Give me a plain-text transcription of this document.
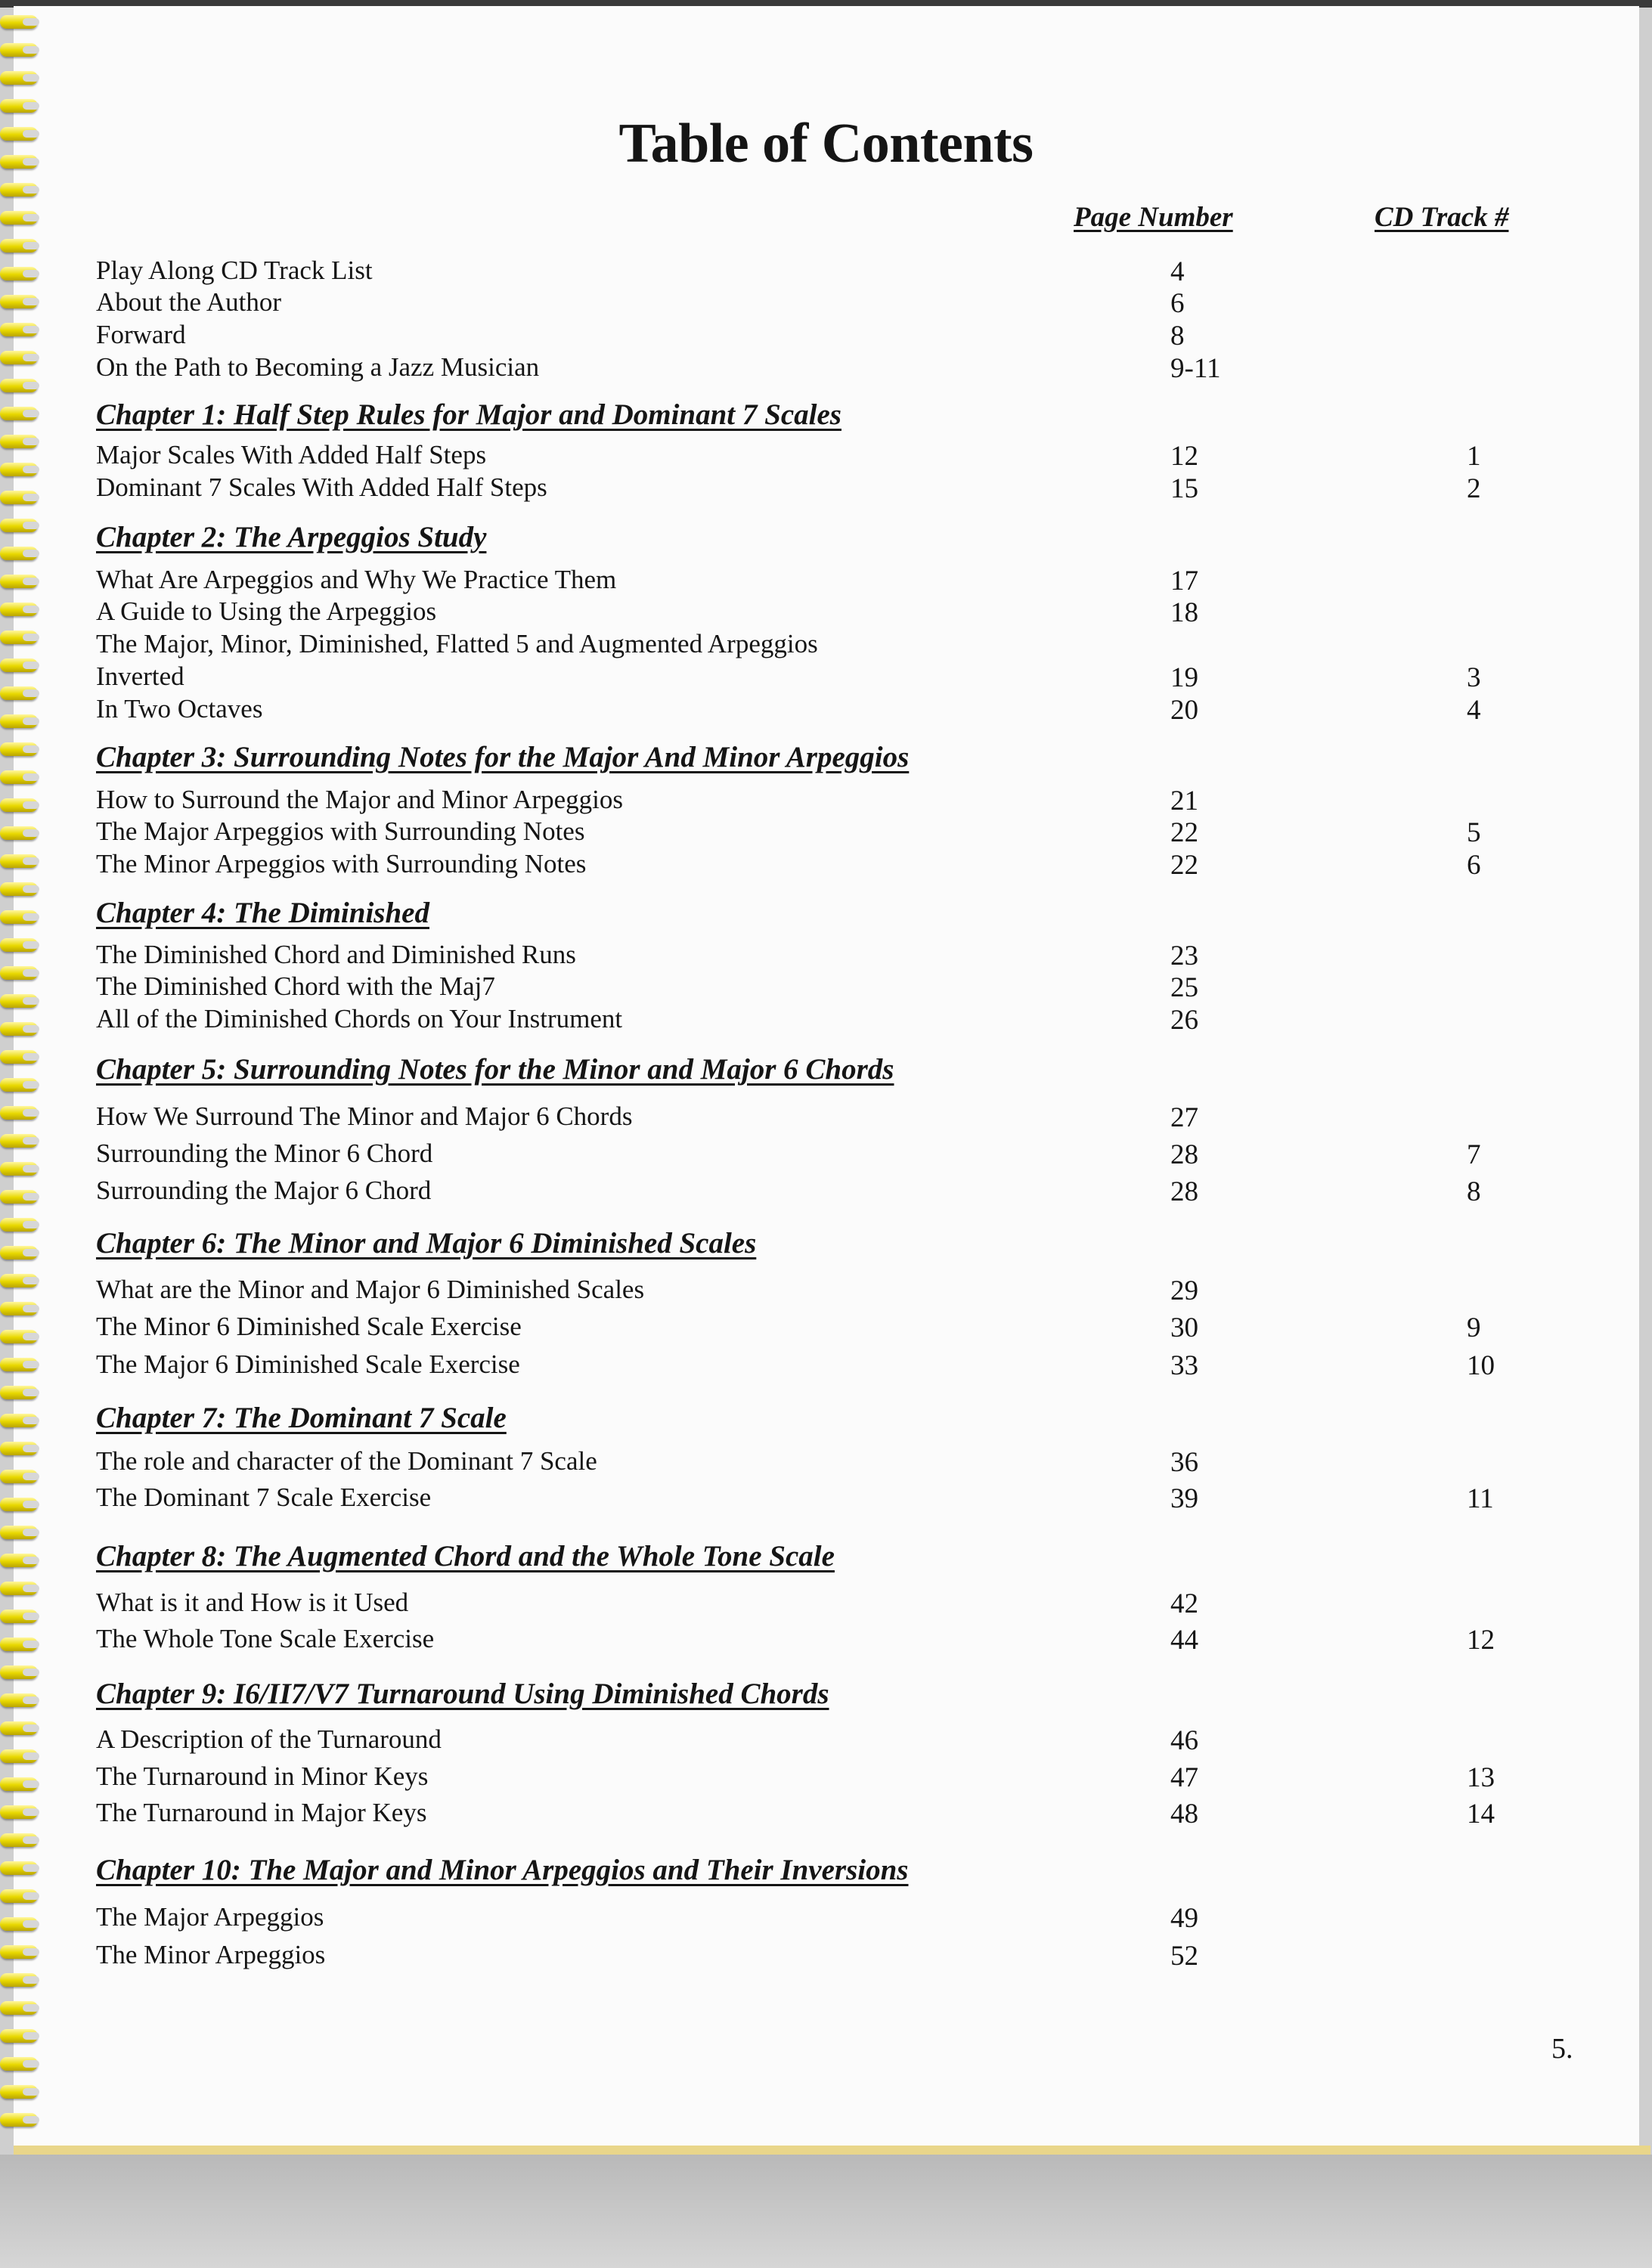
Table of Contents
Page Number	CD Track #
Play Along CD Track List	4
About the Author	6
Forward	8
On the Path to Becoming a Jazz Musician	9-11
Chapter 1: Half Step Rules for Major and Dominant 7 Scales
Major Scales With Added Half Steps	12	1
Dominant 7 Scales With Added Half Steps	15	2
Chapter 2: The Arpeggios Study
What Are Arpeggios and Why We Practice Them	17
A Guide to Using the Arpeggios	18
The Major, Minor, Diminished, Flatted 5 and Augmented Arpeggios
Inverted	19	3
In Two Octaves	20	4
Chapter 3: Surrounding Notes for the Major And Minor Arpeggios
How to Surround the Major and Minor Arpeggios	21
The Major Arpeggios with Surrounding Notes	22	5
The Minor Arpeggios with Surrounding Notes	22	6
Chapter 4: The Diminished
The Diminished Chord and Diminished Runs	23
The Diminished Chord with the Maj7	25
All of the Diminished Chords on Your Instrument	26
Chapter 5: Surrounding Notes for the Minor and Major 6 Chords
How We Surround The Minor and Major 6 Chords	27
Surrounding the Minor 6 Chord	28	7
Surrounding the Major 6 Chord	28	8
Chapter 6: The Minor and Major 6 Diminished Scales
What are the Minor and Major 6 Diminished Scales	29
The Minor 6 Diminished Scale Exercise	30	9
The Major 6 Diminished Scale Exercise	33	10
Chapter 7: The Dominant 7 Scale
The role and character of the Dominant 7 Scale	36
The Dominant 7 Scale Exercise	39	11
Chapter 8: The Augmented Chord and the Whole Tone Scale
What is it and How is it Used	42
The Whole Tone Scale Exercise	44	12
Chapter 9: I6/II7/V7 Turnaround Using Diminished Chords
A Description of the Turnaround	46
The Turnaround in Minor Keys	47	13
The Turnaround in Major Keys	48	14
Chapter 10: The Major and Minor Arpeggios and Their Inversions
The Major Arpeggios	49
The Minor Arpeggios	52
5.
